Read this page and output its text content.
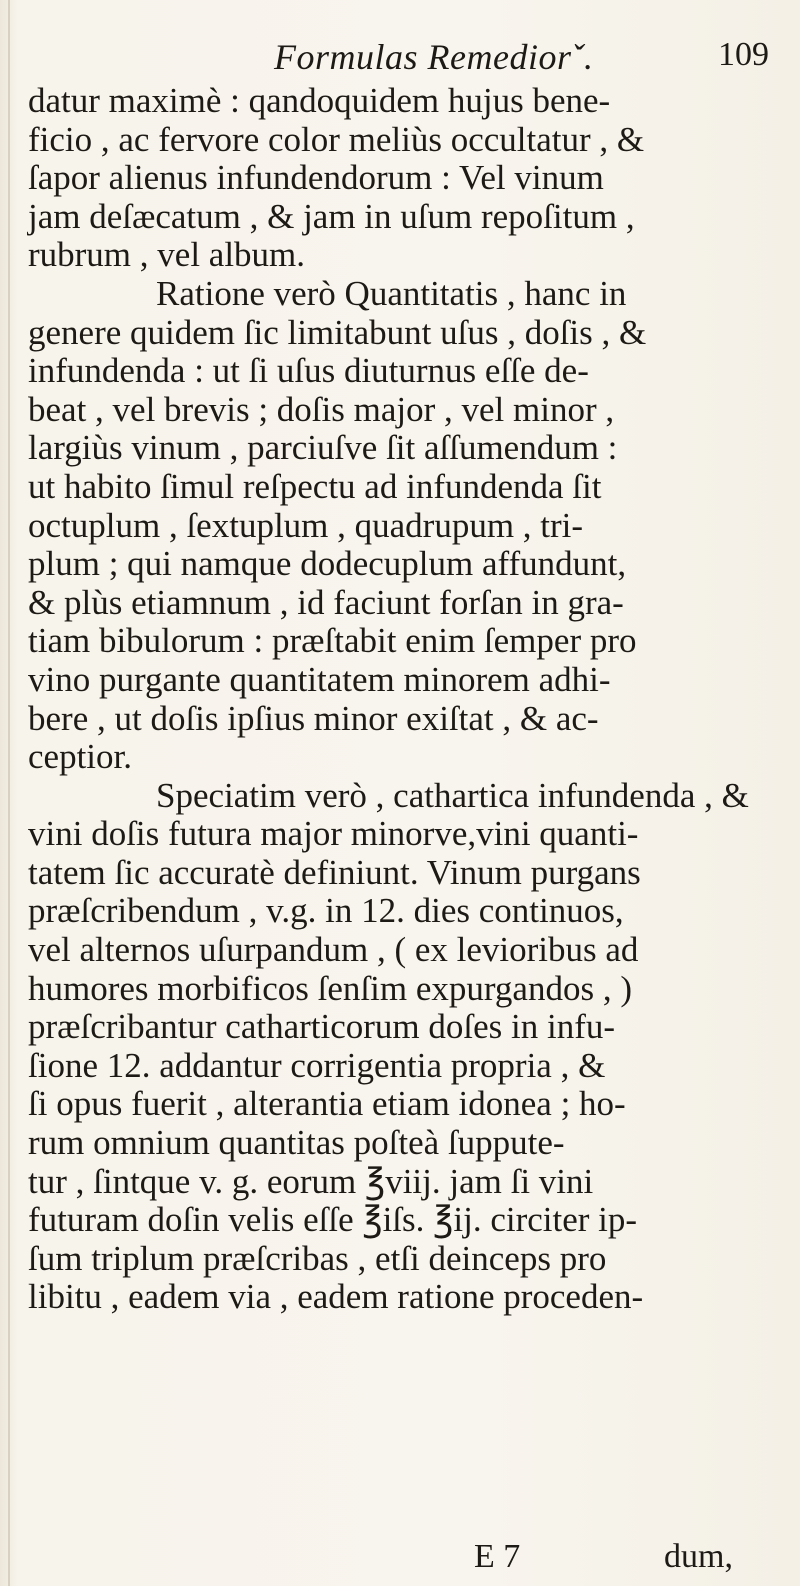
Formulas Remediorˇ.	109
datur maximè : qandoquidem hujus bene-
ficio , ac fervore color meliùs occultatur , &
ſapor alienus infundendorum : Vel vinum
jam deſæcatum , & jam in uſum repoſitum ,
rubrum , vel album.
Ratione verò Quantitatis , hanc in
genere quidem ſic limitabunt uſus , doſis , &
infundenda : ut ſi uſus diuturnus eſſe de-
beat , vel brevis ; doſis major , vel minor ,
largiùs vinum , parciuſve ſit aſſumendum :
ut habito ſimul reſpectu ad infundenda ſit
octuplum , ſextuplum , quadrupum , tri-
plum ; qui namque dodecuplum affundunt,
& plùs etiamnum , id faciunt forſan in gra-
tiam bibulorum : præſtabit enim ſemper pro
vino purgante quantitatem minorem adhi-
bere , ut doſis ipſius minor exiſtat , & ac-
ceptior.
Speciatim verò , cathartica infundenda , &
vini doſis futura major minorve,vini quanti-
tatem ſic accuratè definiunt. Vinum purgans
præſcribendum , v.g. in 12. dies continuos,
vel alternos uſurpandum , ( ex levioribus ad
humores morbificos ſenſim expurgandos , )
præſcribantur catharticorum doſes in infu-
ſione 12. addantur corrigentia propria , &
ſi opus fuerit , alterantia etiam idonea ; ho-
rum omnium quantitas poſteà ſuppute-
tur , ſintque v. g. eorum ℥viij. jam ſi vini
futuram doſin velis eſſe ℥iſs. ℥ij. circiter ip-
ſum triplum præſcribas , etſi deinceps pro
libitu , eadem via , eadem ratione proceden-
E 7	dum,
